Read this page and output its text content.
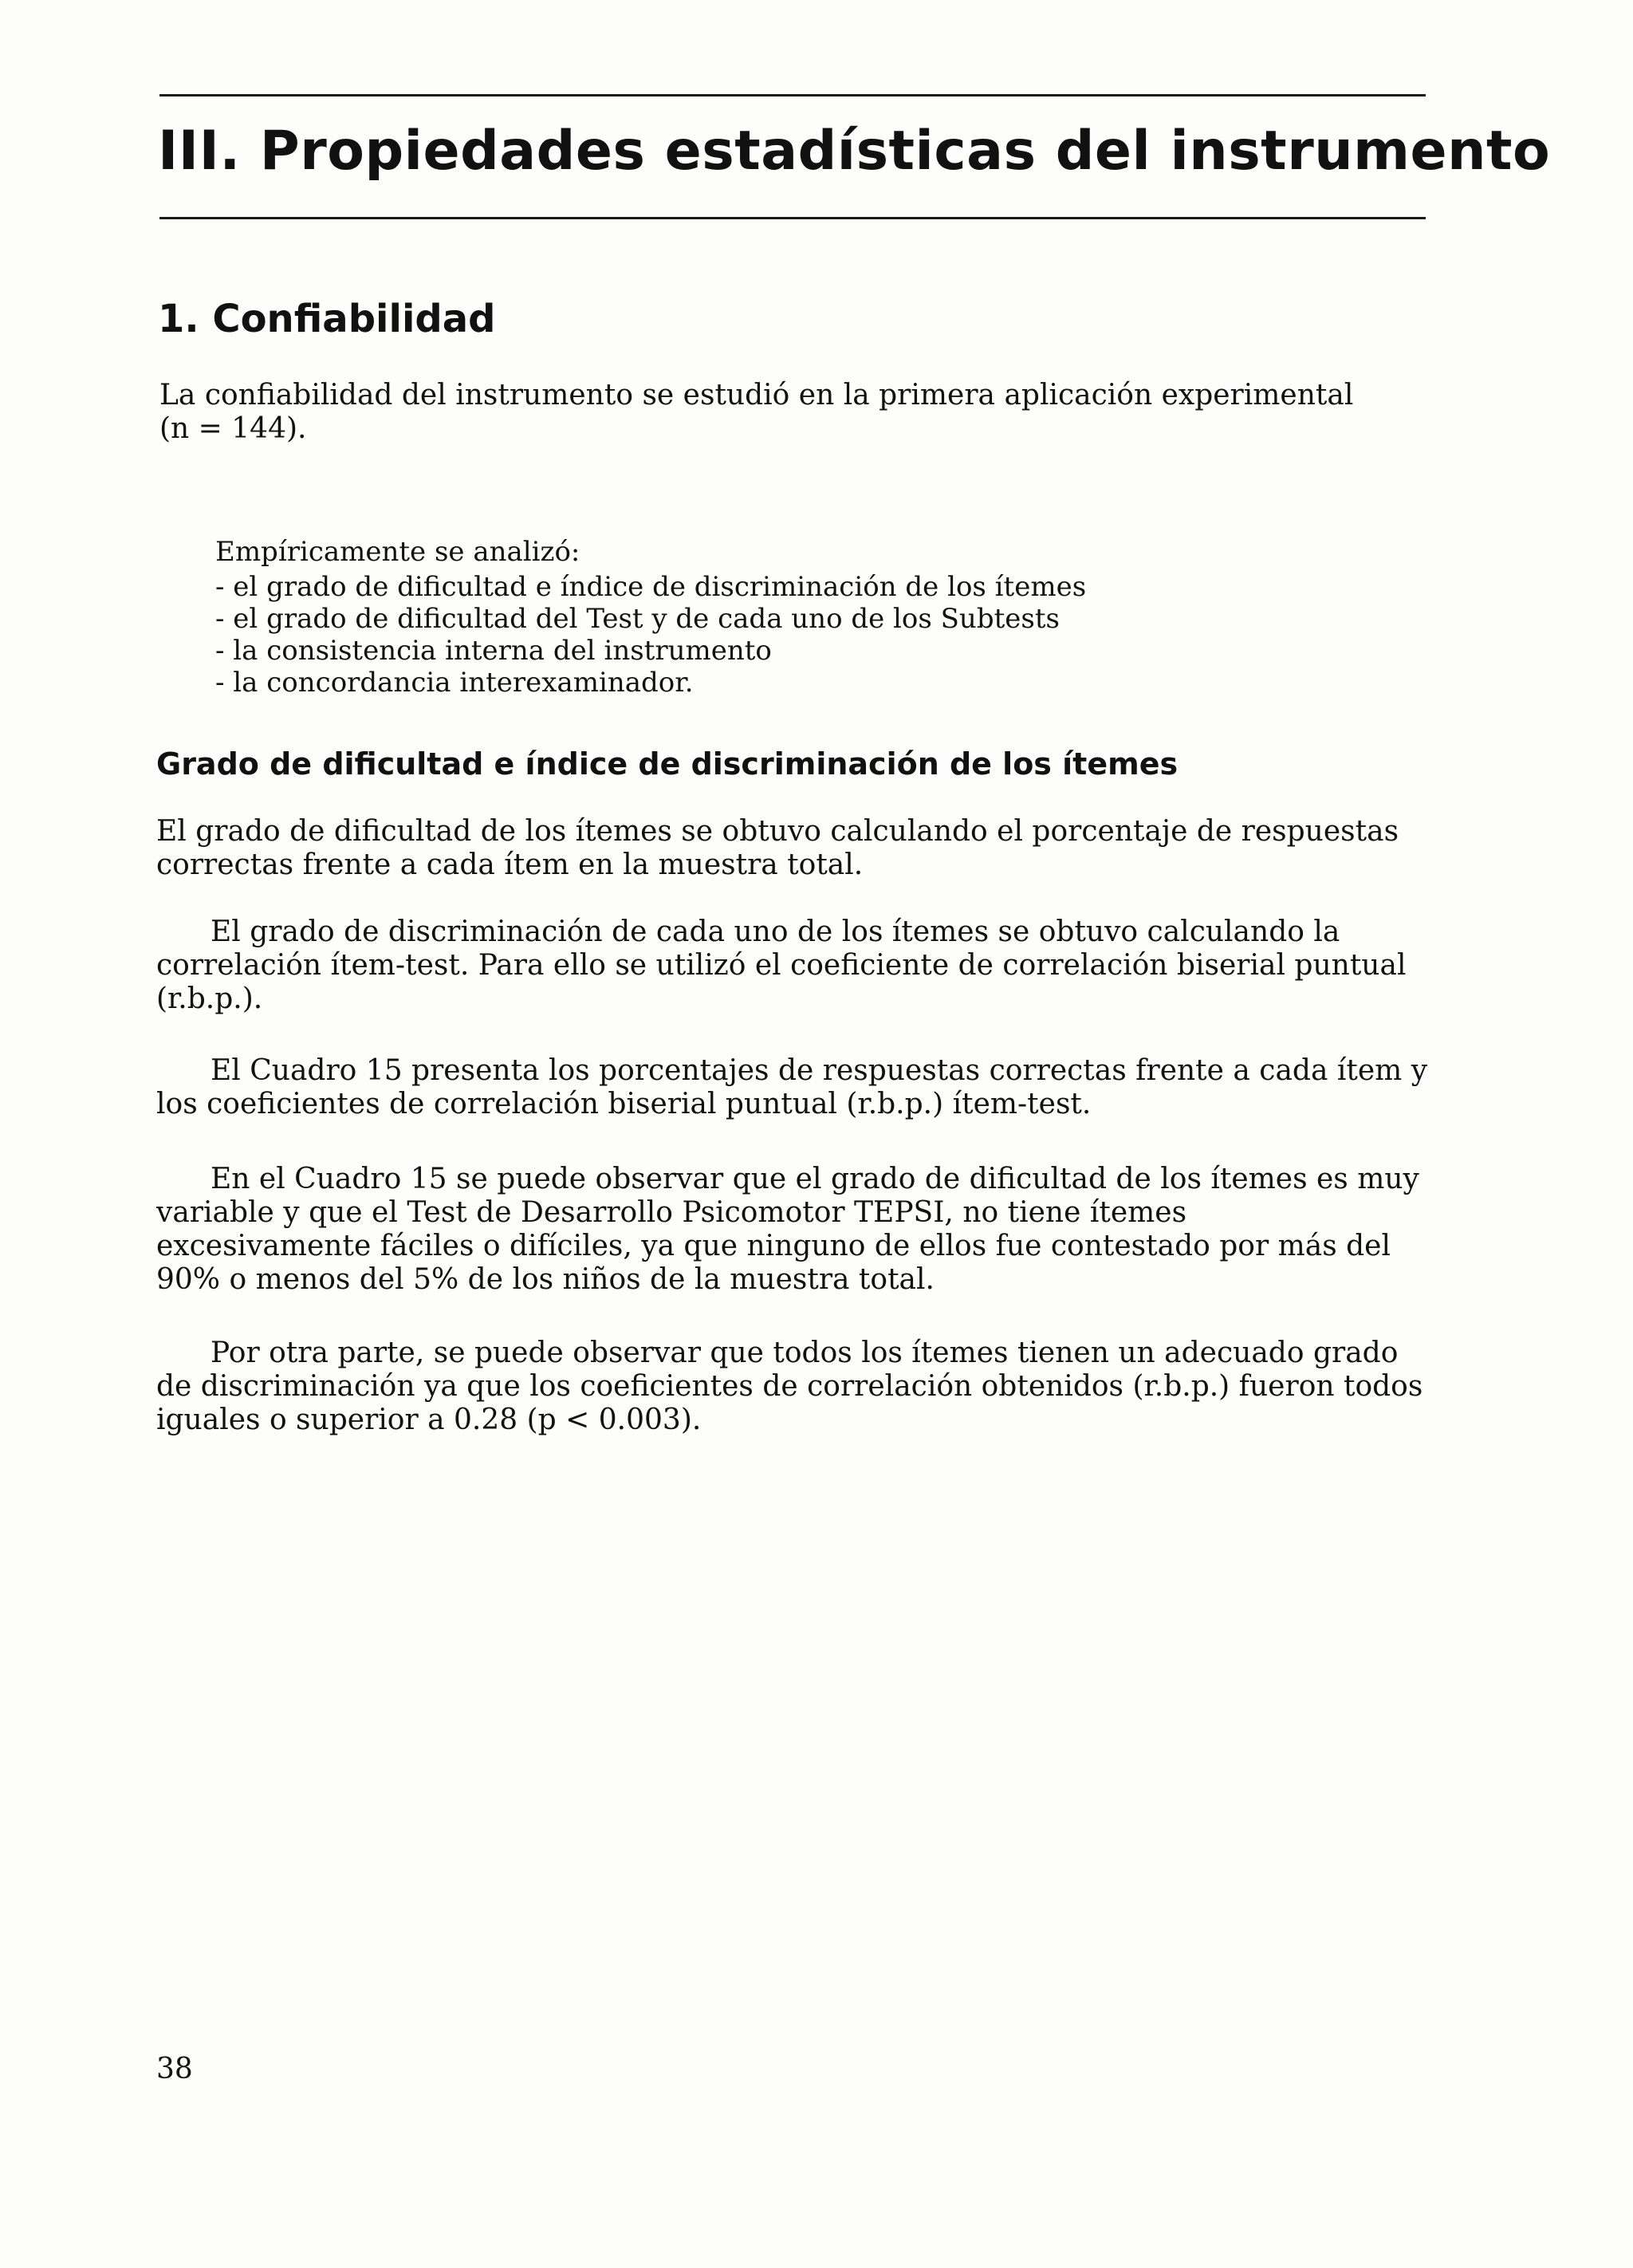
III. Propiedades estadísticas del instrumento
1. Confiabilidad

La confiabilidad del instrumento se estudió en la primera aplicación experimental
(n = 144).

Empíricamente se analizó:
- el grado de dificultad e índice de discriminación de los ítemes
- el grado de dificultad del Test y de cada uno de los Subtests
- la consistencia interna del instrumento
- la concordancia interexaminador.
Grado de dificultad e índice de discriminación de los ítemes

El grado de dificultad de los ítemes se obtuvo calculando el porcentaje de respuestas
correctas frente a cada ítem en la muestra total.

El grado de discriminación de cada uno de los ítemes se obtuvo calculando la
correlación ítem-test. Para ello se utilizó el coeficiente de correlación biserial puntual
(r.b.p.).

El Cuadro 15 presenta los porcentajes de respuestas correctas frente a cada ítem y
los coeficientes de correlación biserial puntual (r.b.p.) ítem-test.

En el Cuadro 15 se puede observar que el grado de dificultad de los ítemes es muy
variable y que el Test de Desarrollo Psicomotor TEPSI, no tiene ítemes
excesivamente fáciles o difíciles, ya que ninguno de ellos fue contestado por más del
90% o menos del 5% de los niños de la muestra total.

Por otra parte, se puede observar que todos los ítemes tienen un adecuado grado
de discriminación ya que los coeficientes de correlación obtenidos (r.b.p.) fueron todos
iguales o superior a 0.28 (p < 0.003).

38
